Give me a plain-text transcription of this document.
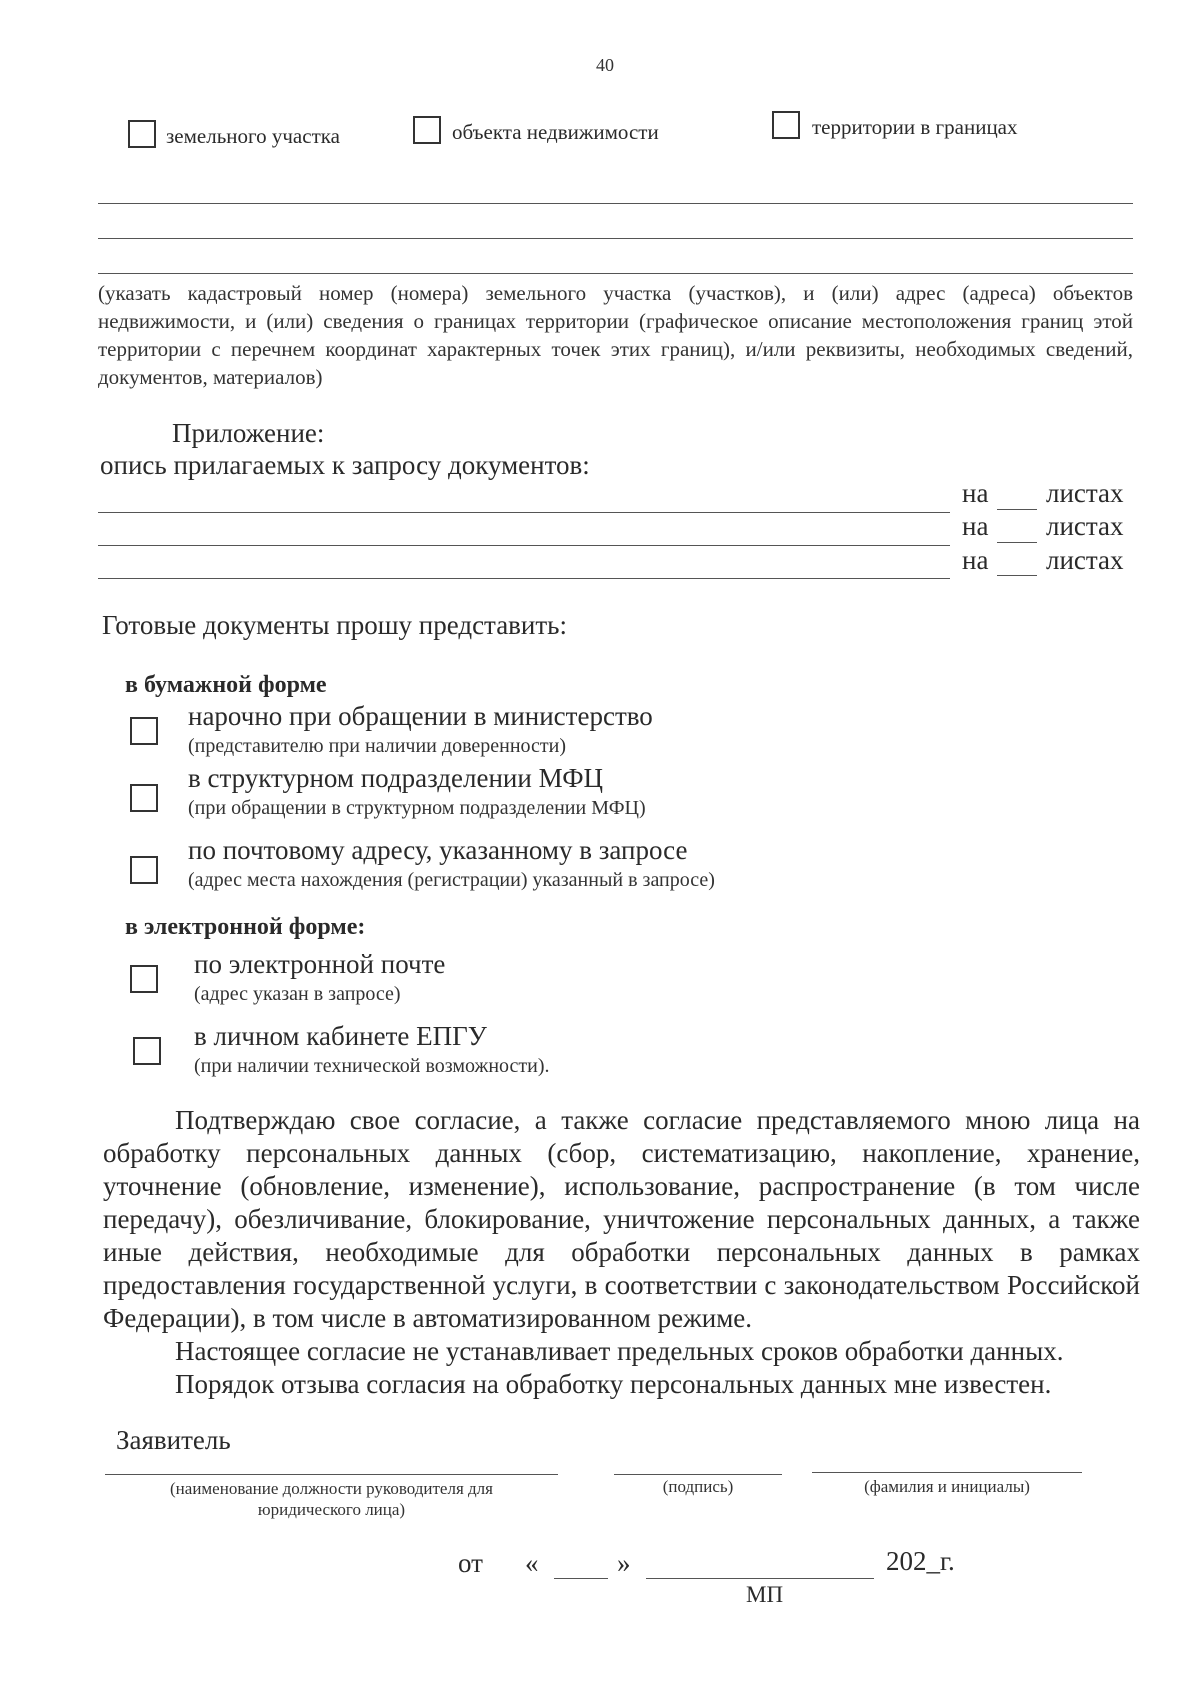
40
земельного участка	объекта недвижимости	территории в границах
(указать кадастровый номер (номера) земельного участка (участков), и (или) адрес (адреса) объектов недвижимости, и (или) сведения о границах территории (графическое описание местоположения границ этой территории с перечнем координат характерных точек этих границ), и/или реквизиты, необходимых сведений, документов, материалов)
Приложение:
опись прилагаемых к запросу документов:
на листах
на листах
на листах
Готовые документы прошу представить:
в бумажной форме
нарочно при обращении в министерство
(представителю при наличии доверенности)
в структурном подразделении МФЦ
(при обращении в структурном подразделении МФЦ)
по почтовому адресу, указанному в запросе
(адрес места нахождения (регистрации) указанный в запросе)
в электронной форме:
по электронной почте
(адрес указан в запросе)
в личном кабинете ЕПГУ
(при наличии технической возможности).

Подтверждаю свое согласие, а также согласие представляемого мною лица на обработку персональных данных (сбор, систематизацию, накопление, хранение, уточнение (обновление, изменение), использование, распространение (в том числе передачу), обезличивание, блокирование, уничтожение персональных данных, а также иные действия, необходимые для обработки персональных данных в рамках предоставления государственной услуги, в соответствии с законодательством Российской Федерации), в том числе в автоматизированном режиме.

Настоящее согласие не устанавливает предельных сроков обработки данных.

Порядок отзыва согласия на обработку персональных данных мне известен.

Заявитель
(наименование должности руководителя для
юридического лица)
(подпись)	(фамилия и инициалы)
от «	»	202_г.
МП
